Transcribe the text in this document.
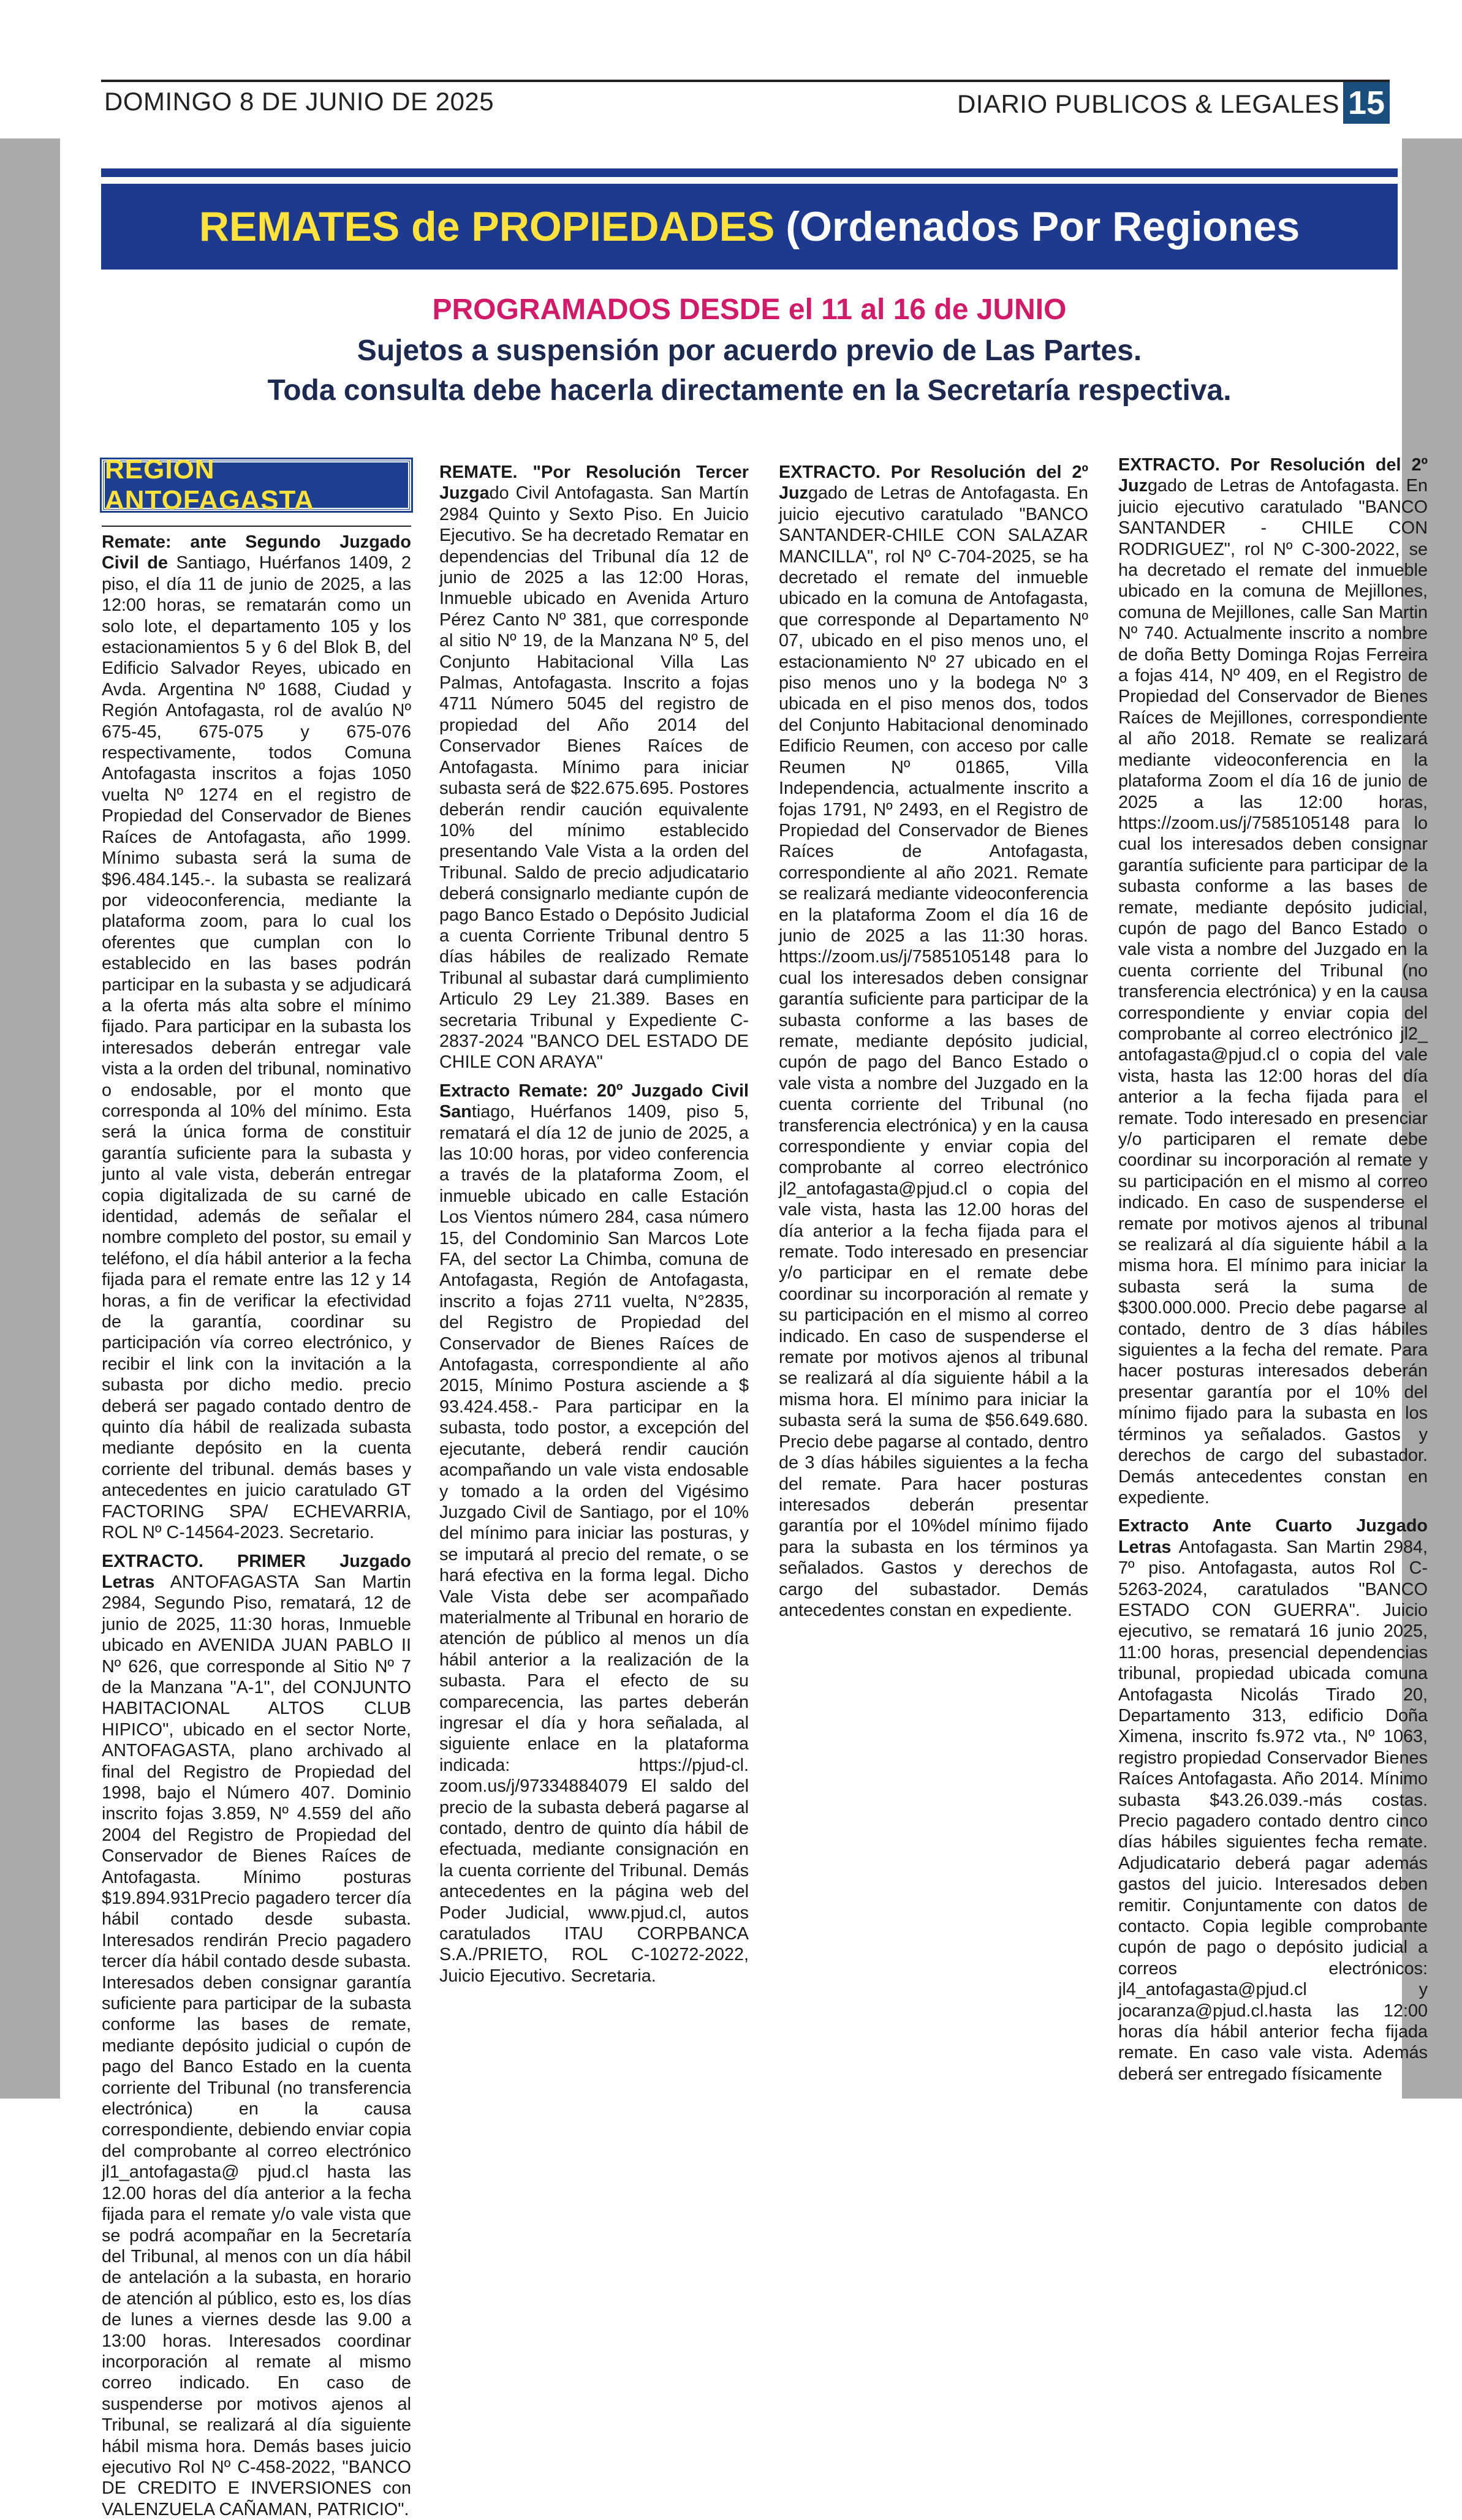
DOMINGO 8 DE JUNIO DE 2025	DIARIO PUBLICOS & LEGALES 15
REMATES de PROPIEDADES (Ordenados Por Regiones
PROGRAMADOS DESDE el 11 al 16 de JUNIO
Sujetos a suspensión por acuerdo previo de Las Partes.
Toda consulta debe hacerla directamente en la Secretaría respectiva.
REGION ANTOFAGASTA

Remate: ante Segundo Juzgado Civil de Santiago, Huérfanos 1409, 2 piso, el día 11 de junio de 2025, a las 12:00 horas, se rematarán como un solo lote, el departamento 105 y los estacionamientos 5 y 6 del Blok B, del Edificio Salvador Reyes, ubicado en Avda. Argentina Nº 1688, Ciudad y Región Antofagasta, rol de avalúo Nº 675-45, 675-075 y 675-076 respectivamente, todos Comuna Antofagasta inscritos a fojas 1050 vuelta Nº 1274 en el registro de Propiedad del Conservador de Bienes Raíces de Antofagasta, año 1999. Mínimo subasta será la suma de $96.484.145.-. la subasta se realizará por videoconferencia, mediante la plataforma zoom, para lo cual los oferentes que cumplan con lo establecido en las bases podrán participar en la subasta y se adjudicará a la oferta más alta sobre el mínimo fijado. Para participar en la subasta los interesados deberán entregar vale vista a la orden del tribunal, nominativo o endosable, por el monto que corresponda al 10% del mínimo. Esta será la única forma de constituir garantía suficiente para la subasta y junto al vale vista, deberán entregar copia digitalizada de su carné de identidad, además de señalar el nombre completo del postor, su email y teléfono, el día hábil anterior a la fecha fijada para el remate entre las 12 y 14 horas, a fin de verificar la efectividad de la garantía, coordinar su participación vía correo electrónico, y recibir el link con la invitación a la subasta por dicho medio. precio deberá ser pagado contado dentro de quinto día hábil de realizada subasta mediante depósito en la cuenta corriente del tribunal. demás bases y antecedentes en juicio caratulado GT FACTORING SPA/ ECHEVARRIA, ROL Nº C-14564-2023. Secretario.

EXTRACTO. PRIMER Juzgado Letras ANTOFAGASTA San Martin 2984, Segundo Piso, rematará, 12 de junio de 2025, 11:30 horas, Inmueble ubicado en AVENIDA JUAN PABLO II Nº 626, que corresponde al Sitio Nº 7 de la Manzana "A-1", del CONJUNTO HABITACIONAL ALTOS CLUB HIPICO", ubicado en el sector Norte, ANTOFAGASTA, plano archivado al final del Registro de Propiedad del 1998, bajo el Número 407. Dominio inscrito fojas 3.859, Nº 4.559 del año 2004 del Registro de Propiedad del Conservador de Bienes Raíces de Antofagasta. Mínimo posturas $19.894.931Precio pagadero tercer día hábil contado desde subasta. Interesados rendirán Precio pagadero tercer día hábil contado desde subasta. Interesados deben consignar garantía suficiente para participar de la subasta conforme las bases de remate, mediante depósito judicial o cupón de pago del Banco Estado en la cuenta corriente del Tribunal (no transferencia electrónica) en la causa correspondiente, debiendo enviar copia del comprobante al correo electrónico jl1_antofagasta@ pjud.cl hasta las 12.00 horas del día anterior a la fecha fijada para el remate y/o vale vista que se podrá acompañar en la 5ecretaría del Tribunal, al menos con un día hábil de antelación a la subasta, en horario de atención al público, esto es, los días de lunes a viernes desde las 9.00 a 13:00 horas. Interesados coordinar incorporación al remate al mismo correo indicado. En caso de suspenderse por motivos ajenos al Tribunal, se realizará al día siguiente hábil misma hora. Demás bases juicio ejecutivo Rol Nº C-458-2022, "BANCO DE CREDITO E INVERSIONES con VALENZUELA CAÑAMAN, PATRICIO".

REMATE. "Por Resolución Tercer Juzgado Civil Antofagasta. San Martín 2984 Quinto y Sexto Piso. En Juicio Ejecutivo. Se ha decretado Rematar en dependencias del Tribunal día 12 de junio de 2025 a las 12:00 Horas, Inmueble ubicado en Avenida Arturo Pérez Canto Nº 381, que corresponde al sitio Nº 19, de la Manzana Nº 5, del Conjunto Habitacional Villa Las Palmas, Antofagasta. Inscrito a fojas 4711 Número 5045 del registro de propiedad del Año 2014 del Conservador Bienes Raíces de Antofagasta. Mínimo para iniciar subasta será de $22.675.695. Postores deberán rendir caución equivalente 10% del mínimo establecido presentando Vale Vista a la orden del Tribunal. Saldo de precio adjudicatario deberá consignarlo mediante cupón de pago Banco Estado o Depósito Judicial a cuenta Corriente Tribunal dentro 5 días hábiles de realizado Remate Tribunal al subastar dará cumplimiento Articulo 29 Ley 21.389. Bases en secretaria Tribunal y Expediente C-2837-2024 "BANCO DEL ESTADO DE CHILE CON ARAYA"

Extracto Remate: 20º Juzgado Civil Santiago, Huérfanos 1409, piso 5, rematará el día 12 de junio de 2025, a las 10:00 horas, por video conferencia a través de la plataforma Zoom, el inmueble ubicado en calle Estación Los Vientos número 284, casa número 15, del Condominio San Marcos Lote FA, del sector La Chimba, comuna de Antofagasta, Región de Antofagasta, inscrito a fojas 2711 vuelta, N°2835, del Registro de Propiedad del Conservador de Bienes Raíces de Antofagasta, correspondiente al año 2015, Mínimo Postura asciende a $ 93.424.458.- Para participar en la subasta, todo postor, a excepción del ejecutante, deberá rendir caución acompañando un vale vista endosable y tomado a la orden del Vigésimo Juzgado Civil de Santiago, por el 10% del mínimo para iniciar las posturas, y se imputará al precio del remate, o se hará efectiva en la forma legal. Dicho Vale Vista debe ser acompañado materialmente al Tribunal en horario de atención de público al menos un día hábil anterior a la realización de la subasta. Para el efecto de su comparecencia, las partes deberán ingresar el día y hora señalada, al siguiente enlace en la plataforma indicada: https://pjud-cl. zoom.us/j/97334884079 El saldo del precio de la subasta deberá pagarse al contado, dentro de quinto día hábil de efectuada, mediante consignación en la cuenta corriente del Tribunal. Demás antecedentes en la página web del Poder Judicial, www.pjud.cl, autos caratulados ITAU CORPBANCA S.A./PRIETO, ROL C-10272-2022, Juicio Ejecutivo. Secretaria.

EXTRACTO. Por Resolución del 2º Juzgado de Letras de Antofagasta. En juicio ejecutivo caratulado "BANCO SANTANDER-CHILE CON SALAZAR MANCILLA", rol Nº C-704-2025, se ha decretado el remate del inmueble ubicado en la comuna de Antofagasta, que corresponde al Departamento Nº 07, ubicado en el piso menos uno, el estacionamiento Nº 27 ubicado en el piso menos uno y la bodega Nº 3 ubicada en el piso menos dos, todos del Conjunto Habitacional denominado Edificio Reumen, con acceso por calle Reumen Nº 01865, Villa Independencia, actualmente inscrito a fojas 1791, Nº 2493, en el Registro de Propiedad del Conservador de Bienes Raíces de Antofagasta, correspondiente al año 2021. Remate se realizará mediante videoconferencia en la plataforma Zoom el día 16 de junio de 2025 a las 11:30 horas. https://zoom.us/j/7585105148 para lo cual los interesados deben consignar garantía suficiente para participar de la subasta conforme a las bases de remate, mediante depósito judicial, cupón de pago del Banco Estado o vale vista a nombre del Juzgado en la cuenta corriente del Tribunal (no transferencia electrónica) y en la causa correspondiente y enviar copia del comprobante al correo electrónico jl2_antofagasta@pjud.cl o copia del vale vista, hasta las 12.00 horas del día anterior a la fecha fijada para el remate. Todo interesado en presenciar y/o participar en el remate debe coordinar su incorporación al remate y su participación en el mismo al correo indicado. En caso de suspenderse el remate por motivos ajenos al tribunal se realizará al día siguiente hábil a la misma hora. El mínimo para iniciar la subasta será la suma de $56.649.680. Precio debe pagarse al contado, dentro de 3 días hábiles siguientes a la fecha del remate. Para hacer posturas interesados deberán presentar garantía por el 10%del mínimo fijado para la subasta en los términos ya señalados. Gastos y derechos de cargo del subastador. Demás antecedentes constan en expediente.

EXTRACTO. Por Resolución del 2º Juzgado de Letras de Antofagasta. En juicio ejecutivo caratulado "BANCO SANTANDER - CHILE CON RODRIGUEZ", rol Nº C-300-2022, se ha decretado el remate del inmueble ubicado en la comuna de Mejillones, comuna de Mejillones, calle San Martin Nº 740. Actualmente inscrito a nombre de doña Betty Dominga Rojas Ferreira a fojas 414, Nº 409, en el Registro de Propiedad del Conservador de Bienes Raíces de Mejillones, correspondiente al año 2018. Remate se realizará mediante videoconferencia en la plataforma Zoom el día 16 de junio de 2025 a las 12:00 horas, https://zoom.us/j/7585105148 para lo cual los interesados deben consignar garantía suficiente para participar de la subasta conforme a las bases de remate, mediante depósito judicial, cupón de pago del Banco Estado o vale vista a nombre del Juzgado en la cuenta corriente del Tribunal (no transferencia electrónica) y en la causa correspondiente y enviar copia del comprobante al correo electrónico jl2_ antofagasta@pjud.cl o copia del vale vista, hasta las 12:00 horas del día anterior a la fecha fijada para el remate. Todo interesado en presenciar y/o participaren el remate debe coordinar su incorporación al remate y su participación en el mismo al correo indicado. En caso de suspenderse el remate por motivos ajenos al tribunal se realizará al día siguiente hábil a la misma hora. El mínimo para iniciar la subasta será la suma de $300.000.000. Precio debe pagarse al contado, dentro de 3 días hábiles siguientes a la fecha del remate. Para hacer posturas interesados deberán presentar garantía por el 10% del mínimo fijado para la subasta en los términos ya señalados. Gastos y derechos de cargo del subastador. Demás antecedentes constan en expediente.

Extracto Ante Cuarto Juzgado Letras Antofagasta. San Martin 2984, 7º piso. Antofagasta, autos Rol C-5263-2024, caratulados "BANCO ESTADO CON GUERRA". Juicio ejecutivo, se rematará 16 junio 2025, 11:00 horas, presencial dependencias tribunal, propiedad ubicada comuna Antofagasta Nicolás Tirado 20, Departamento 313, edificio Doña Ximena, inscrito fs.972 vta., Nº 1063, registro propiedad Conservador Bienes Raíces Antofagasta. Año 2014. Mínimo subasta $43.26.039.-más costas. Precio pagadero contado dentro cinco días hábiles siguientes fecha remate. Adjudicatario deberá pagar además gastos del juicio. Interesados deben remitir. Conjuntamente con datos de contacto. Copia legible comprobante cupón de pago o depósito judicial a correos electrónicos: jl4_antofagasta@pjud.cl y jocaranza@pjud.cl.hasta las 12:00 horas día hábil anterior fecha fijada remate. En caso vale vista. Además deberá ser entregado físicamente
